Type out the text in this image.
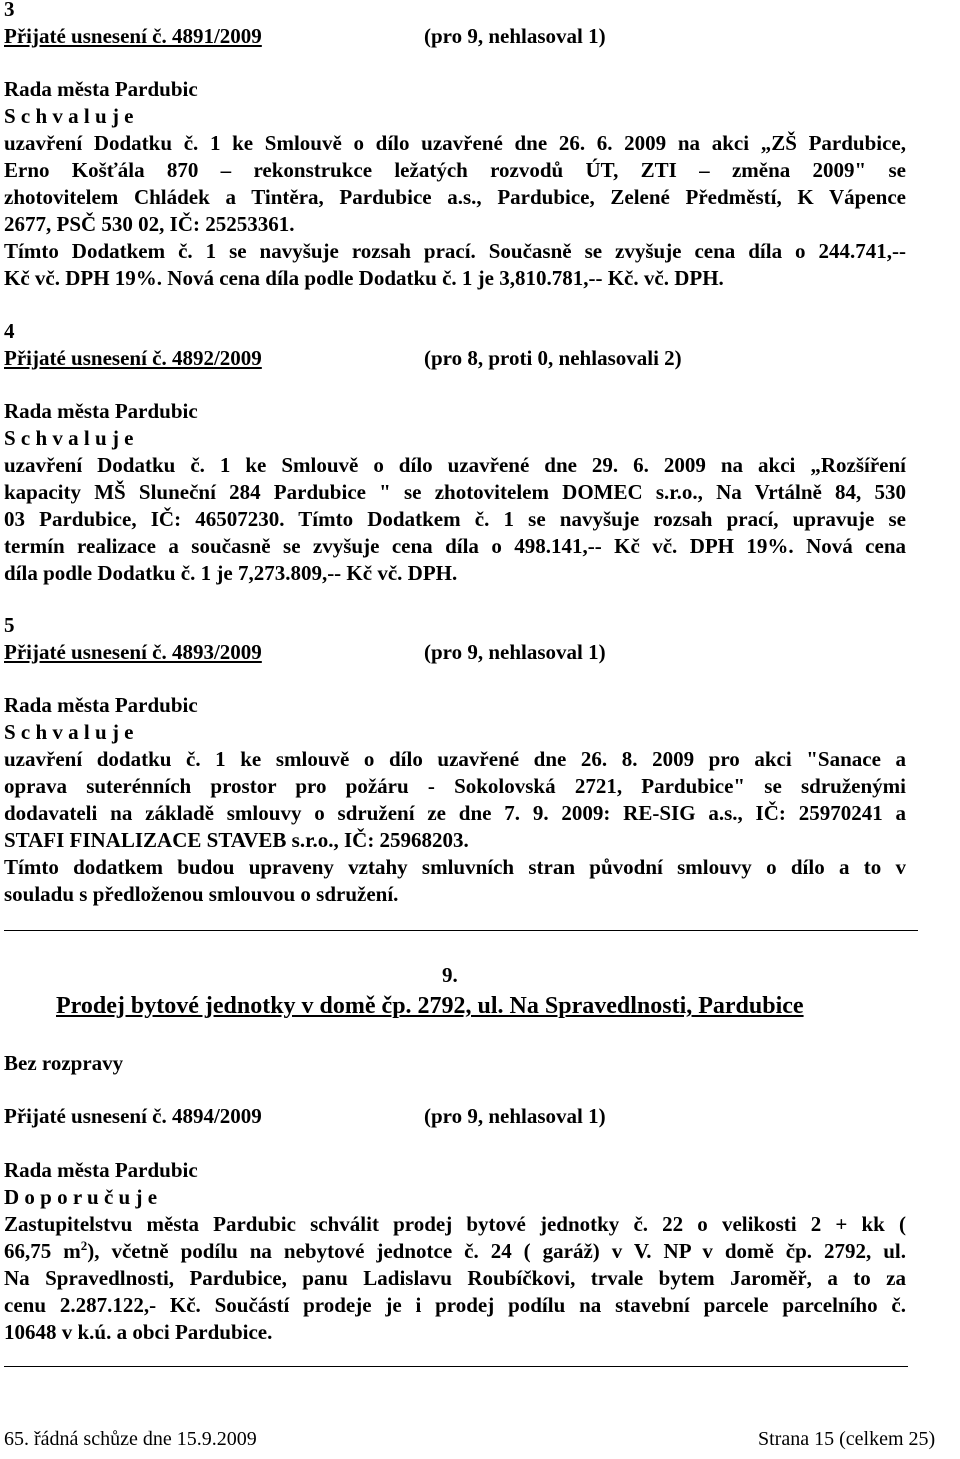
3
Přijaté usnesení č. 4891/2009	(pro 9, nehlasoval 1)
Rada města Pardubic
S c h v a l u j e
uzavření Dodatku č. 1 ke Smlouvě o dílo uzavřené dne 26. 6. 2009 na akci „ZŠ Pardubice,
Erno Košťála 870 – rekonstrukce ležatých rozvodů ÚT, ZTI – změna 2009" se
zhotovitelem Chládek a Tintěra, Pardubice a.s., Pardubice, Zelené Předměstí, K Vápence
2677, PSČ 530 02, IČ: 25253361.
Tímto Dodatkem č. 1 se navyšuje rozsah prací. Současně se zvyšuje cena díla o 244.741,--
Kč vč. DPH 19%. Nová cena díla podle Dodatku č. 1 je 3,810.781,-- Kč. vč. DPH.
4
Přijaté usnesení č. 4892/2009	(pro 8, proti 0, nehlasovali 2)
Rada města Pardubic
S c h v a l u j e
uzavření Dodatku č. 1 ke Smlouvě o dílo uzavřené dne 29. 6. 2009 na akci „Rozšíření
kapacity MŠ Sluneční 284 Pardubice " se zhotovitelem DOMEC s.r.o., Na Vrtálně 84, 530
03 Pardubice, IČ: 46507230. Tímto Dodatkem č. 1 se navyšuje rozsah prací, upravuje se
termín realizace a současně se zvyšuje cena díla o 498.141,-- Kč vč. DPH 19%. Nová cena
díla podle Dodatku č. 1 je 7,273.809,-- Kč vč. DPH.
5
Přijaté usnesení č. 4893/2009	(pro 9, nehlasoval 1)
Rada města Pardubic
S c h v a l u j e
uzavření dodatku č. 1 ke smlouvě o dílo uzavřené dne 26. 8. 2009 pro akci "Sanace a
oprava suterénních prostor pro požáru - Sokolovská 2721, Pardubice" se sdruženými
dodavateli na základě smlouvy o sdružení ze dne 7. 9. 2009: RE-SIG a.s., IČ: 25970241 a
STAFI FINALIZACE STAVEB s.r.o., IČ: 25968203.
Tímto dodatkem budou upraveny vztahy smluvních stran původní smlouvy o dílo a to v
souladu s předloženou smlouvou o sdružení.
9.
Prodej bytové jednotky v domě čp. 2792, ul. Na Spravedlnosti, Pardubice
Bez rozpravy
Přijaté usnesení č. 4894/2009	(pro 9, nehlasoval 1)
Rada města Pardubic
D o p o r u č u j e
Zastupitelstvu města Pardubic schválit prodej bytové jednotky č. 22 o velikosti 2 + kk (
66,75 $m^2$), včetně podílu na nebytové jednotce č. 24 ( garáž) v V. NP v domě čp. 2792, ul.
Na Spravedlnosti, Pardubice, panu Ladislavu Roubíčkovi, trvale bytem Jaroměř, a to za
cenu 2.287.122,- Kč. Součástí prodeje je i prodej podílu na stavební parcele parcelního č.
10648 v k.ú. a obci Pardubice.
65. řádná schůze dne 15.9.2009	Strana 15 (celkem 25)
